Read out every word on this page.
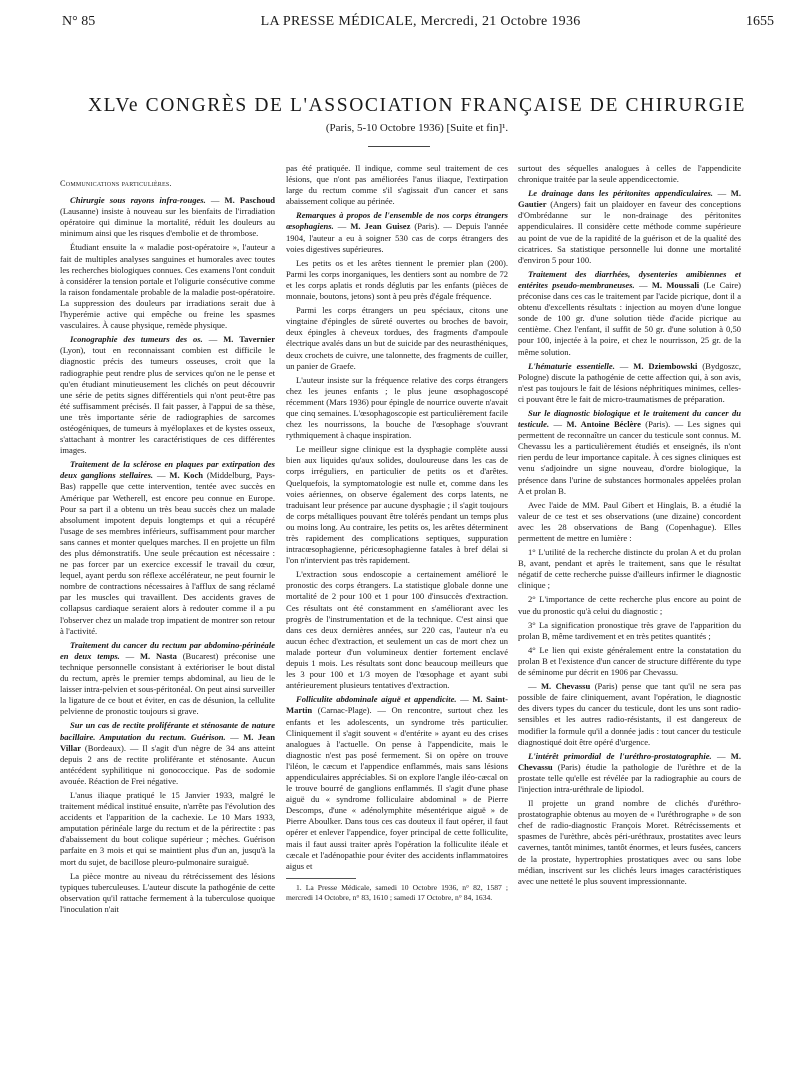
N° 85	LA PRESSE MÉDICALE, Mercredi, 21 Octobre 1936	1655
XLVe CONGRÈS DE L'ASSOCIATION FRANÇAISE DE CHIRURGIE
(Paris, 5-10 Octobre 1936) [Suite et fin]¹.

Communications particulières.

Chirurgie sous rayons infra-rouges. — M. Paschoud (Lausanne) insiste à nouveau sur les bienfaits de l'irradiation opératoire qui diminue la mortalité, réduit les douleurs au minimum ainsi que les risques d'embolie et de thrombose.

Étudiant ensuite la « maladie post-opératoire », l'auteur a fait de multiples analyses sanguines et humorales avec toutes les recherches biologiques connues. Ces examens l'ont conduit à considérer la tension portale et l'oligurie consécutive comme la raison fondamentale probable de la maladie post-opératoire. La suppression des douleurs par irradiations serait due à l'hyperémie active qui empêche ou freine les spasmes vasculaires. À cause physique, remède physique.

Iconographie des tumeurs des os. — M. Tavernier (Lyon), tout en reconnaissant combien est difficile le diagnostic précis des tumeurs osseuses, croit que la radiographie peut rendre plus de services qu'on ne le pense et qu'en étudiant minutieusement les clichés on peut découvrir une série de petits signes différentiels qui n'ont peut-être pas été suffisamment précisés. Il fait passer, à l'appui de sa thèse, une très importante série de radiographies de sarcomes ostéogéniques, de tumeurs à myéloplaxes et de kystes osseux, s'attachant à montrer les caractéristiques de ces différentes images.

Traitement de la sclérose en plaques par extirpation des deux ganglions stellaires. — M. Koch (Middelburg, Pays-Bas) rappelle que cette intervention, tentée avec succès en Amérique par Wetherell, est encore peu connue en Europe. Pour sa part il a obtenu un très beau succès chez un malade absolument impotent depuis longtemps et qui a récupéré l'usage de ses membres inférieurs, suffisamment pour marcher sans cannes et monter quelques marches. Il en projette un film des plus démonstratifs. Une seule précaution est nécessaire : ne pas forcer par un exercice excessif le travail du cœur, lequel, ayant perdu son réflexe accélérateur, ne peut fournir le nombre de contractions nécessaires à l'afflux de sang réclamé par les muscles qui travaillent. Des accidents graves de collapsus cardiaque seraient alors à redouter comme il a pu l'observer chez un malade trop impatient de montrer son retour à l'activité.

Traitement du cancer du rectum par abdomino-périnéale en deux temps. — M. Nasta (Bucarest) préconise une technique personnelle consistant à extérioriser le bout distal du rectum, après le premier temps abdominal, au lieu de le laisser intra-pelvien et sous-péritonéal. On peut ainsi surveiller la ligature de ce bout et éviter, en cas de désunion, la cellulite pelvienne de pronostic toujours si grave.

Sur un cas de rectite proliférante et sténosante de nature bacillaire. Amputation du rectum. Guérison. — M. Jean Villar (Bordeaux). — Il s'agit d'un nègre de 34 ans atteint depuis 2 ans de rectite proliférante et sténosante. Aucun antécédent syphilitique ni gonococcique. Pas de sodomie avouée. Réaction de Frei négative.

L'anus iliaque pratiqué le 15 Janvier 1933, malgré le traitement médical institué ensuite, n'arrête pas l'évolution des accidents et l'apparition de la cachexie. Le 10 Mars 1933, amputation périnéale large du rectum et de la périrectite : pas d'abaissement du bout colique supérieur ; mèches. Guérison parfaite en 3 mois et qui se maintient plus d'un an, jusqu'à la mort du sujet, de bacillose pleuro-pulmonaire suraiguë.

La pièce montre au niveau du rétrécissement des lésions typiques tuberculeuses. L'auteur discute la pathogénie de cette observation qu'il rattache fermement à la tuberculose quoique l'inoculation n'ait

pas été pratiquée. Il indique, comme seul traitement de ces lésions, que n'ont pas améliorées l'anus iliaque, l'extirpation large du rectum comme s'il s'agissait d'un cancer et sans abaissement colique au périnée.

Remarques à propos de l'ensemble de nos corps étrangers œsophagiens. — M. Jean Guisez (Paris). — Depuis l'année 1904, l'auteur a eu à soigner 530 cas de corps étrangers des voies digestives supérieures.

Les petits os et les arêtes tiennent le premier plan (200). Parmi les corps inorganiques, les dentiers sont au nombre de 72 et les corps aplatis et ronds déglutis par les enfants (pièces de monnaie, boutons, jetons) sont à peu près d'égale fréquence.

Parmi les corps étrangers un peu spéciaux, citons une vingtaine d'épingles de sûreté ouvertes ou broches de bavoir, deux épingles à cheveux tordues, des fragments d'ampoule électrique avalés dans un but de suicide par des neurasthéniques, deux crochets de cuivre, une talonnette, des fragments de cuiller, un panier de Graefe.

L'auteur insiste sur la fréquence relative des corps étrangers chez les jeunes enfants ; le plus jeune œsophagoscopé récemment (Mars 1936) pour épingle de nourrice ouverte n'avait que cinq semaines. L'œsophagoscopie est particulièrement facile chez les nourrissons, la bouche de l'œsophage s'ouvrant rythmiquement à chaque inspiration.

Le meilleur signe clinique est la dysphagie complète aussi bien aux liquides qu'aux solides, douloureuse dans les cas de corps irréguliers, en particulier de petits os et d'arêtes. Quelquefois, la symptomatologie est nulle et, comme dans les voies aériennes, on observe également des corps latents, ne traduisant leur présence par aucune dysphagie ; il s'agit toujours de corps métalliques pouvant être tolérés pendant un temps plus ou moins long. Au contraire, les petits os, les arêtes déterminent très rapidement des complications septiques, suppuration intracœsophagienne, péricœsophagienne fatales à bref délai si l'on n'intervient pas très rapidement.

L'extraction sous endoscopie a certainement amélioré le pronostic des corps étrangers. La statistique globale donne une mortalité de 2 pour 100 et 1 pour 100 d'insuccès d'extraction. Ces résultats ont été constamment en s'améliorant avec les progrès de l'instrumentation et de la technique. C'est ainsi que dans ces deux dernières années, sur 220 cas, l'auteur n'a eu aucun échec d'extraction, et seulement un cas de mort chez un malade porteur d'un volumineux dentier fortement enclavé depuis 1 mois. Les résultats sont donc beaucoup meilleurs que les 3 pour 100 et 1/3 moyen de l'œsophage et ayant subi antérieurement plusieurs tentatives d'extraction.

Folliculite abdominale aiguë et appendicite. — M. Saint-Martin (Carnac-Plage). — On rencontre, surtout chez les enfants et les adolescents, un syndrome très particulier. Cliniquement il s'agit souvent « d'entérite » ayant eu des crises analogues à l'actuelle. On pense à l'appendicite, mais le diagnostic n'est pas posé fermement. Si on opère on trouve l'iléon, le cæcum et l'appendice enflammés, mais sans lésions appendiculaires appréciables. Si on explore l'angle iléo-cæcal on le trouve bourré de ganglions enflammés. Il s'agit d'une phase aiguë du « syndrome folliculaire abdominal » de Pierre Descomps, d'une « adénolymphite mésentérique aiguë » de Pierre Aboulker. Dans tous ces cas douteux il faut opérer, il faut opérer et enlever l'appendice, foyer principal de cette folliculite, mais il faut aussi traiter après l'opération la folliculite iléale et cæcale et l'adénopathie pour éviter des accidents inflammatoires aigus et

1. La Presse Médicale, samedi 10 Octobre 1936, n° 82, 1587 ; mercredi 14 Octobre, n° 83, 1610 ; samedi 17 Octobre, n° 84, 1634.

surtout des séquelles analogues à celles de l'appendicite chronique traitée par la seule appendicectomie.

Le drainage dans les péritonites appendiculaires. — M. Gautier (Angers) fait un plaidoyer en faveur des conceptions d'Ombrédanne sur le non-drainage des péritonites appendiculaires. Il considère cette méthode comme supérieure au point de vue de la rapidité de la guérison et de la qualité des cicatrices. Sa statistique personnelle lui donne une mortalité d'environ 5 pour 100.

Traitement des diarrhées, dysenteries amibiennes et entérites pseudo-membraneuses. — M. Moussali (Le Caire) préconise dans ces cas le traitement par l'acide picrique, dont il a obtenu d'excellents résultats : injection au moyen d'une longue sonde de 100 gr. d'une solution tiède d'acide picrique au centième. Chez l'enfant, il suffit de 50 gr. d'une solution à 0,50 pour 100, injectée à la poire, et chez le nourrisson, 25 gr. de la même solution.

L'hématurie essentielle. — M. Dziembowski (Bydgoszc, Pologne) discute la pathogénie de cette affection qui, à son avis, n'est pas toujours le fait de lésions néphritiques minimes, celles-ci pouvant être le fait de micro-traumatismes de préparation.

Sur le diagnostic biologique et le traitement du cancer du testicule. — M. Antoine Béclère (Paris). — Les signes qui permettent de reconnaître un cancer du testicule sont connus. M. Chevassu les a particulièrement étudiés et enseignés, ils n'ont rien perdu de leur importance capitale. À ces signes cliniques est venu s'adjoindre un signe nouveau, d'ordre biologique, la présence dans l'urine de substances hormonales appelées prolan A et prolan B.

Avec l'aide de MM. Paul Gibert et Hinglais, B. a étudié la valeur de ce test et ses observations (une dizaine) concordent avec les 28 observations de Bang (Copenhague). Elles permettent de mettre en lumière :

1° L'utilité de la recherche distincte du prolan A et du prolan B, avant, pendant et après le traitement, sans que le résultat négatif de cette recherche puisse d'ailleurs infirmer le diagnostic clinique ;

2° L'importance de cette recherche plus encore au point de vue du pronostic qu'à celui du diagnostic ;

3° La signification pronostique très grave de l'apparition du prolan B, même tardivement et en très petites quantités ;

4° Le lien qui existe généralement entre la constatation du prolan B et l'existence d'un cancer de structure différente du type de séminome pur décrit en 1906 par Chevassu.

— M. Chevassu (Paris) pense que tant qu'il ne sera pas possible de faire cliniquement, avant l'opération, le diagnostic des divers types du cancer du testicule, dont les uns sont radio-sensibles et les autres radio-résistants, il est dangereux de modifier la formule qu'il a donnée jadis : tout cancer du testicule diagnostiqué doit être opéré d'urgence.

L'intérêt primordial de l'uréthro-prostatographie. — M. Chevassu (Paris) étudie la pathologie de l'urèthre et de la prostate telle qu'elle est révélée par la radiographie au cours de l'injection intra-uréthrale de lipiodol.

Il projette un grand nombre de clichés d'uréthro-prostatographie obtenus au moyen de « l'uréthrographe » de son chef de radio-diagnostic François Moret. Rétrécissements et spasmes de l'urèthre, abcès péri-uréthraux, prostatites avec leurs cavernes, tantôt minimes, tantôt énormes, et leurs fusées, cancers de la prostate, hypertrophies prostatiques avec ou sans lobe médian, inscrivent sur les clichés leurs images caractéristiques avec une netteté le plus souvent impressionnante.
